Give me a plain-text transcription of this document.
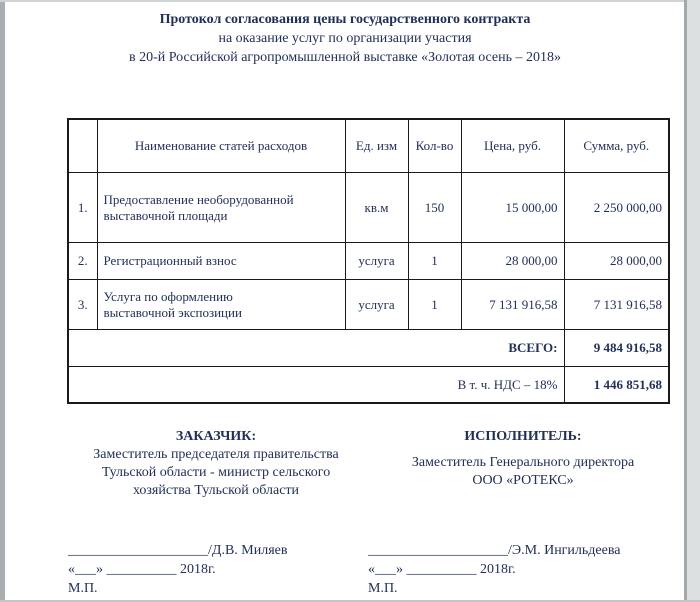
Протокол согласования цены государственного контракта
на оказание услуг по организации участия
в 20-й Российской агропромышленной выставке «Золотая осень – 2018»
	Наименование статей расходов	Ед. изм	Кол-во	Цена, руб.	Сумма, руб.
1.	Предоставление необорудованной выставочной площади	кв.м	150	15 000,00	2 250 000,00
2.	Регистрационный взнос	услуга	1	28 000,00	28 000,00
3.	Услуга по оформлению выставочной экспозиции	услуга	1	7 131 916,58	7 131 916,58
ВСЕГО:					9 484 916,58
В т. ч. НДС – 18%					1 446 851,68
ЗАКАЗЧИК:
Заместитель председателя правительства
Тульской области - министр сельского
хозяйства Тульской области
ИСПОЛНИТЕЛЬ:
Заместитель Генерального директора
ООО «РОТЕКС»
____________________/Д.В. Миляев
«___» __________ 2018г.
М.П.
____________________/Э.М. Ингильдеева
«___» __________ 2018г.
М.П.
